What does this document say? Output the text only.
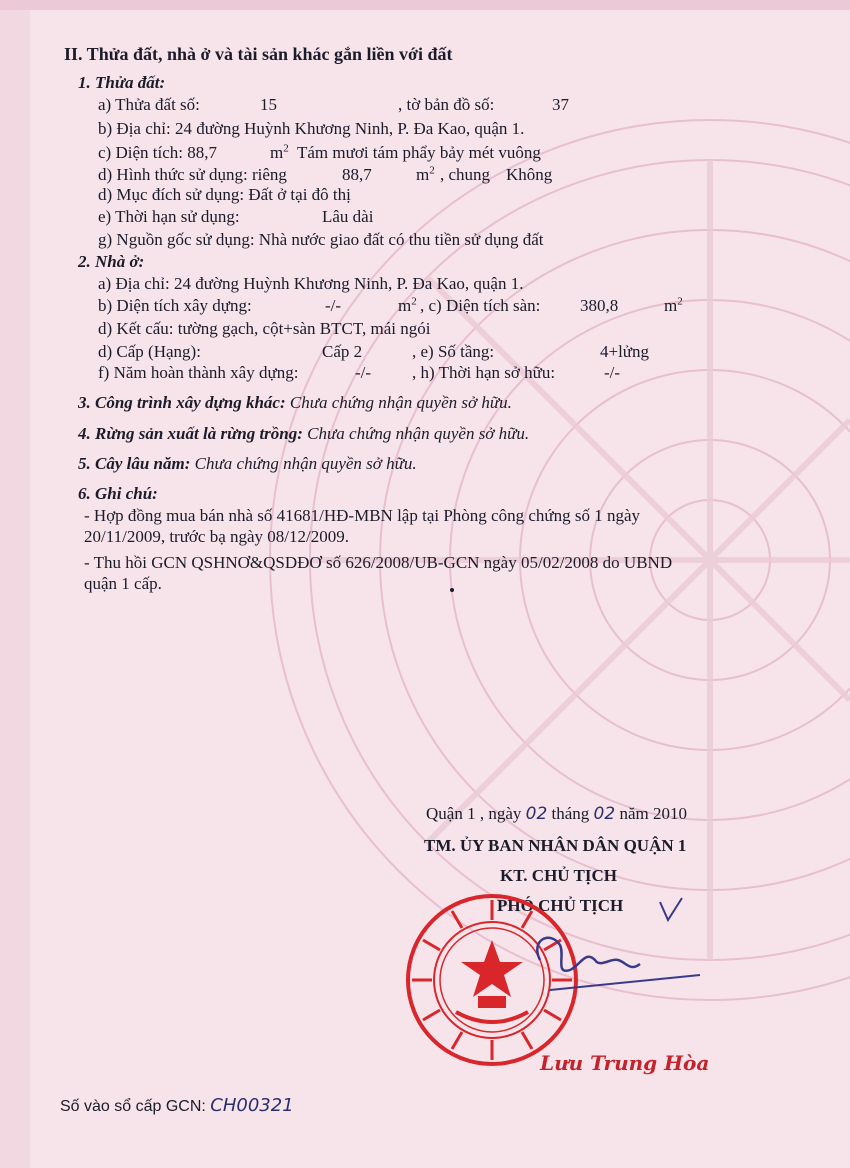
II. Thửa đất, nhà ở và tài sản khác gắn liền với đất
1. Thửa đất:
a) Thửa đất số:	15	, tờ bản đồ số:	37
b) Địa chỉ: 24 đường Huỳnh Khương Ninh, P. Đa Kao, quận 1.
c) Diện tích: 88,7	$m^2$ Tám mươi tám phẩy bảy mét vuông
d) Hình thức sử dụng: riêng	88,7	$m^2$ , chung Không
d) Mục đích sử dụng: Đất ở tại đô thị
e) Thời hạn sử dụng:	Lâu dài
g) Nguồn gốc sử dụng: Nhà nước giao đất có thu tiền sử dụng đất
2. Nhà ở:
a) Địa chỉ: 24 đường Huỳnh Khương Ninh, P. Đa Kao, quận 1.
b) Diện tích xây dựng:	-/-	$m^2$ , c) Diện tích sàn: 380,8	$m^2$
d) Kết cấu: tường gạch, cột+sàn BTCT, mái ngói
d) Cấp (Hạng):	Cấp 2	, e) Số tầng:	4+lửng
f) Năm hoàn thành xây dựng:	-/- , h) Thời hạn sở hữu:	-/-
3. Công trình xây dựng khác: Chưa chứng nhận quyền sở hữu.
4. Rừng sản xuất là rừng trồng: Chưa chứng nhận quyền sở hữu.
5. Cây lâu năm: Chưa chứng nhận quyền sở hữu.
6. Ghi chú:
- Hợp đồng mua bán nhà số 41681/HĐ-MBN lập tại Phòng công chứng số 1 ngày
20/11/2009, trước bạ ngày 08/12/2009.
- Thu hồi GCN QSHNƠ&QSDĐƠ số 626/2008/UB-GCN ngày 05/02/2008 do UBND
quận 1 cấp.
Quận 1 , ngày 02 tháng 02 năm 2010
TM. ỦY BAN NHÂN DÂN QUẬN 1
KT. CHỦ TỊCH
PHÓ CHỦ TỊCH
Lưu Trung Hòa
Số vào sổ cấp GCN: CH00321
